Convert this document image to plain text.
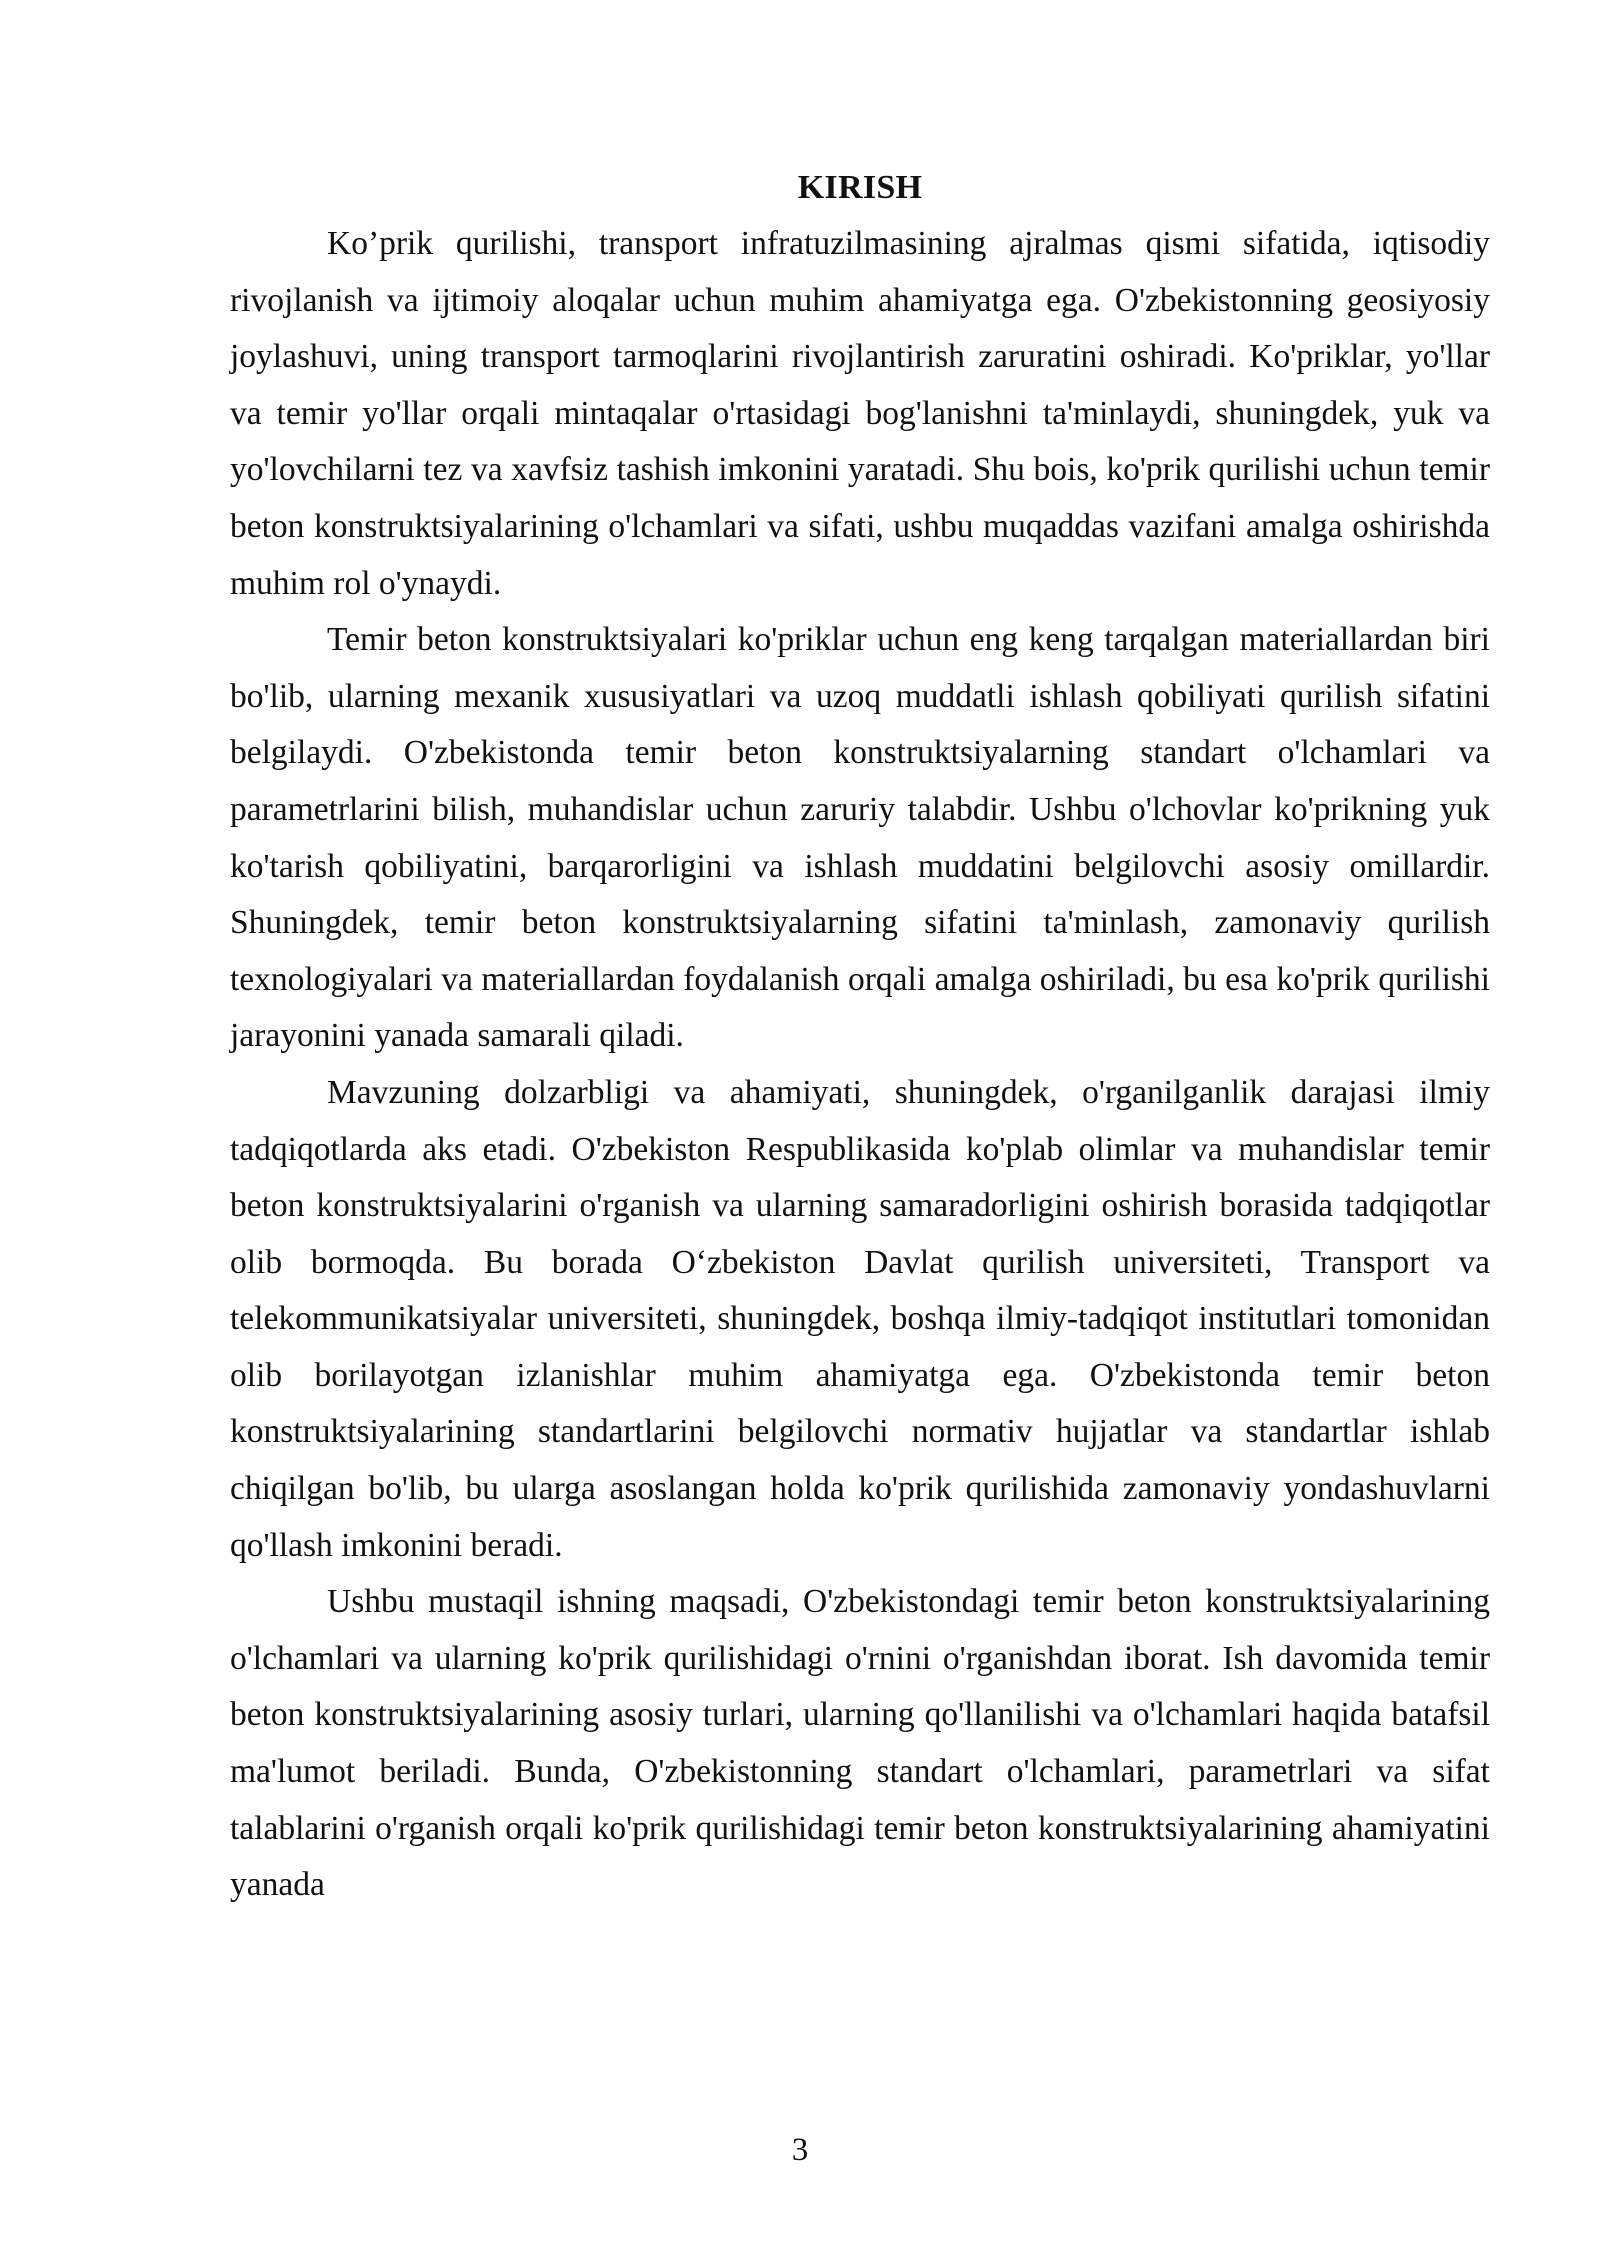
KIRISH

Ko’prik qurilishi, transport infratuzilmasining ajralmas qismi sifatida, iqtisodiy rivojlanish va ijtimoiy aloqalar uchun muhim ahamiyatga ega. O'zbekistonning geosiyosiy joylashuvi, uning transport tarmoqlarini rivojlantirish zaruratini oshiradi. Ko'priklar, yo'llar va temir yo'llar orqali mintaqalar o'rtasidagi bog'lanishni ta'minlaydi, shuningdek, yuk va yo'lovchilarni tez va xavfsiz tashish imkonini yaratadi. Shu bois, ko'prik qurilishi uchun temir beton konstruktsiyalarining o'lchamlari va sifati, ushbu muqaddas vazifani amalga oshirishda muhim rol o'ynaydi.

Temir beton konstruktsiyalari ko'priklar uchun eng keng tarqalgan materiallardan biri bo'lib, ularning mexanik xususiyatlari va uzoq muddatli ishlash qobiliyati qurilish sifatini belgilaydi. O'zbekistonda temir beton konstruktsiyalarning standart o'lchamlari va parametrlarini bilish, muhandislar uchun zaruriy talabdir. Ushbu o'lchovlar ko'prikning yuk ko'tarish qobiliyatini, barqarorligini va ishlash muddatini belgilovchi asosiy omillardir. Shuningdek, temir beton konstruktsiyalarning sifatini ta'minlash, zamonaviy qurilish texnologiyalari va materiallardan foydalanish orqali amalga oshiriladi, bu esa ko'prik qurilishi jarayonini yanada samarali qiladi.

Mavzuning dolzarbligi va ahamiyati, shuningdek, o'rganilganlik darajasi ilmiy tadqiqotlarda aks etadi. O'zbekiston Respublikasida ko'plab olimlar va muhandislar temir beton konstruktsiyalarini o'rganish va ularning samaradorligini oshirish borasida tadqiqotlar olib bormoqda. Bu borada O‘zbekiston Davlat qurilish universiteti, Transport va telekommunikatsiyalar universiteti, shuningdek, boshqa ilmiy-tadqiqot institutlari tomonidan olib borilayotgan izlanishlar muhim ahamiyatga ega. O'zbekistonda temir beton konstruktsiyalarining standartlarini belgilovchi normativ hujjatlar va standartlar ishlab chiqilgan bo'lib, bu ularga asoslangan holda ko'prik qurilishida zamonaviy yondashuvlarni qo'llash imkonini beradi.

Ushbu mustaqil ishning maqsadi, O'zbekistondagi temir beton konstruktsiyalarining o'lchamlari va ularning ko'prik qurilishidagi o'rnini o'rganishdan iborat. Ish davomida temir beton konstruktsiyalarining asosiy turlari, ularning qo'llanilishi va o'lchamlari haqida batafsil ma'lumot beriladi. Bunda, O'zbekistonning standart o'lchamlari, parametrlari va sifat talablarini o'rganish orqali ko'prik qurilishidagi temir beton konstruktsiyalarining ahamiyatini yanada

3
